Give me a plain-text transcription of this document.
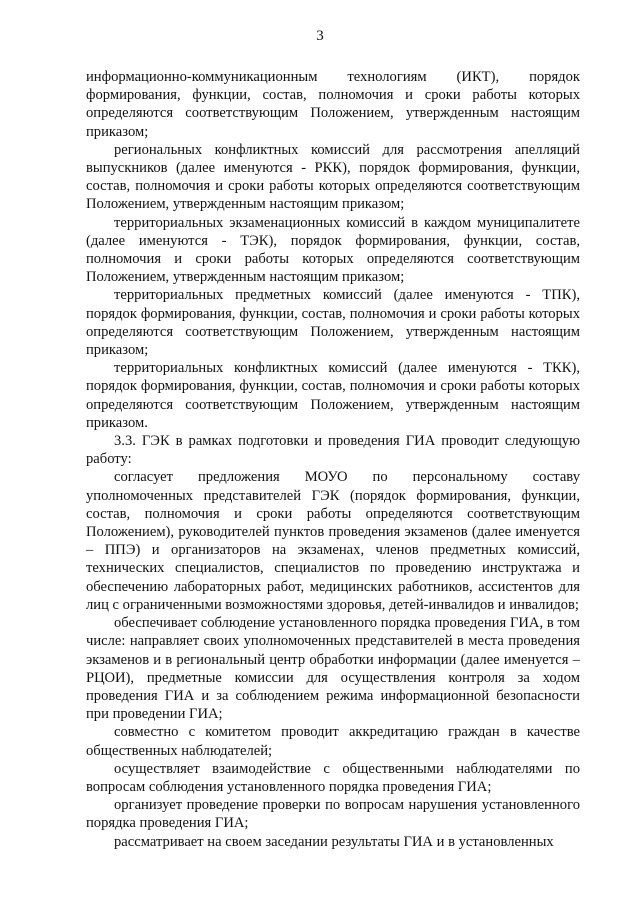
3

информационно-коммуникационным технологиям (ИКТ), порядок формирования, функции, состав, полномочия и сроки работы которых определяются соответствующим Положением, утвержденным настоящим приказом;

региональных конфликтных комиссий для рассмотрения апелляций выпускников (далее именуются - РКК), порядок формирования, функции, состав, полномочия и сроки работы которых определяются соответствующим Положением, утвержденным настоящим приказом;

территориальных экзаменационных комиссий в каждом муниципалитете (далее именуются - ТЭК), порядок формирования, функции, состав, полномочия и сроки работы которых определяются соответствующим Положением, утвержденным настоящим приказом;

территориальных предметных комиссий (далее именуются - ТПК), порядок формирования, функции, состав, полномочия и сроки работы которых определяются соответствующим Положением, утвержденным настоящим приказом;

территориальных конфликтных комиссий (далее именуются - ТКК), порядок формирования, функции, состав, полномочия и сроки работы которых определяются соответствующим Положением, утвержденным настоящим приказом.

3.3. ГЭК в рамках подготовки и проведения ГИА проводит следующую работу:

согласует предложения МОУО по персональному составу уполномоченных представителей ГЭК (порядок формирования, функции, состав, полномочия и сроки работы определяются соответствующим Положением), руководителей пунктов проведения экзаменов (далее именуется – ППЭ) и организаторов на экзаменах, членов предметных комиссий, технических специалистов, специалистов по проведению инструктажа и обеспечению лабораторных работ, медицинских работников, ассистентов для лиц с ограниченными возможностями здоровья, детей-инвалидов и инвалидов;

обеспечивает соблюдение установленного порядка проведения ГИА, в том числе: направляет своих уполномоченных представителей в места проведения экзаменов и в региональный центр обработки информации (далее именуется – РЦОИ), предметные комиссии для осуществления контроля за ходом проведения ГИА и за соблюдением режима информационной безопасности при проведении ГИА;

совместно с комитетом проводит аккредитацию граждан в качестве общественных наблюдателей;

осуществляет взаимодействие с общественными наблюдателями по вопросам соблюдения установленного порядка проведения ГИА;

организует проведение проверки по вопросам нарушения установленного порядка проведения ГИА;

рассматривает на своем заседании результаты ГИА и в установленных
